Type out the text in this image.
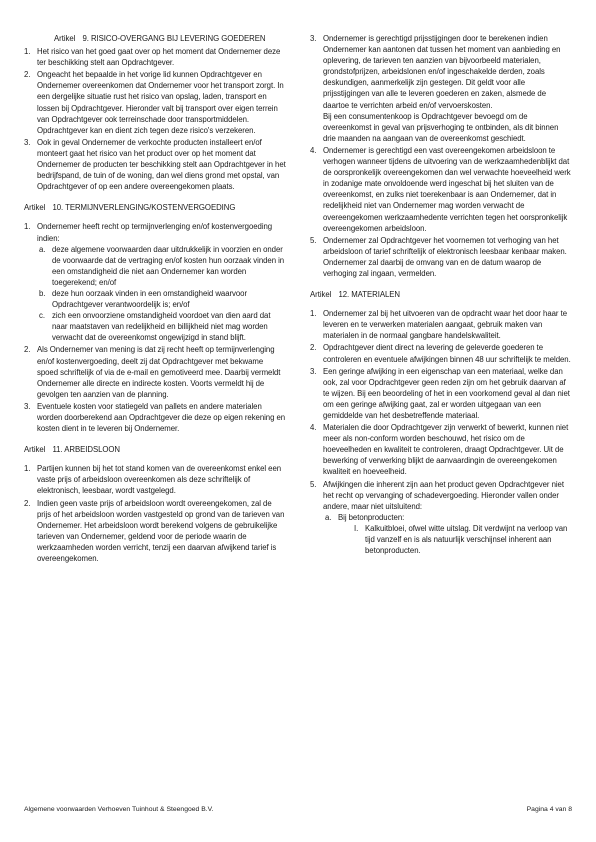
Artikel 9. RISICO-OVERGANG BIJ LEVERING GOEDEREN
1. Het risico van het goed gaat over op het moment dat Ondernemer deze ter beschikking stelt aan Opdrachtgever.
2. Ongeacht het bepaalde in het vorige lid kunnen Opdrachtgever en Ondernemer overeenkomen dat Ondernemer voor het transport zorgt. In een dergelijke situatie rust het risico van opslag, laden, transport en lossen bij Opdrachtgever. Hieronder valt bij transport over eigen terrein van Opdrachtgever ook terreinschade door transportmiddelen. Opdrachtgever kan en dient zich tegen deze risico's verzekeren.
3. Ook in geval Ondernemer de verkochte producten installeert en/of monteert gaat het risico van het product over op het moment dat Ondernemer de producten ter beschikking stelt aan Opdrachtgever in het bedrijfspand, de tuin of de woning, dan wel diens grond met opstal, van Opdrachtgever of op een andere overeengekomen plaats.
Artikel 10. TERMIJNVERLENGING/KOSTENVERGOEDING
1. Ondernemer heeft recht op termijnverlenging en/of kostenvergoeding indien:
a. deze algemene voorwaarden daar uitdrukkelijk in voorzien en onder de voorwaarde dat de vertraging en/of kosten hun oorzaak vinden in een omstandigheid die niet aan Ondernemer kan worden toegerekend; en/of
b. deze hun oorzaak vinden in een omstandigheid waarvoor Opdrachtgever verantwoordelijk is; en/of
c. zich een onvoorziene omstandigheid voordoet van dien aard dat naar maatstaven van redelijkheid en billijkheid niet mag worden verwacht dat de overeenkomst ongewijzigd in stand blijft.
2. Als Ondernemer van mening is dat zij recht heeft op termijnverlenging en/of kostenvergoeding, deelt zij dat Opdrachtgever met bekwame spoed schriftelijk of via de e-mail en gemotiveerd mee. Daarbij vermeldt Ondernemer alle directe en indirecte kosten. Voorts vermeldt hij de gevolgen ten aanzien van de planning.
3. Eventuele kosten voor statiegeld van pallets en andere materialen worden doorberekend aan Opdrachtgever die deze op eigen rekening en kosten dient in te leveren bij Ondernemer.
Artikel 11. ARBEIDSLOON
1. Partijen kunnen bij het tot stand komen van de overeenkomst enkel een vaste prijs of arbeidsloon overeenkomen als deze schriftelijk of elektronisch, leesbaar, wordt vastgelegd.
2. Indien geen vaste prijs of arbeidsloon wordt overeengekomen, zal de prijs of het arbeidsloon worden vastgesteld op grond van de tarieven van Ondernemer. Het arbeidsloon wordt berekend volgens de gebruikelijke tarieven van Ondernemer, geldend voor de periode waarin de werkzaamheden worden verricht, tenzij een daarvan afwijkend tarief is overeengekomen.
3. Ondernemer is gerechtigd prijsstijgingen door te berekenen indien Ondernemer kan aantonen dat tussen het moment van aanbieding en oplevering, de tarieven ten aanzien van bijvoorbeeld materialen, grondstofprijzen, arbeidslonen en/of ingeschakelde derden, zoals deskundigen, aanmerkelijk zijn gestegen. Dit geldt voor alle prijsstijgingen van alle te leveren goederen en zaken, alsmede de daartoe te verrichten arbeid en/of vervoerskosten.
Bij een consumentenkoop is Opdrachtgever bevoegd om de overeenkomst in geval van prijsverhoging te ontbinden, als dit binnen drie maanden na aangaan van de overeenkomst geschiedt.
4. Ondernemer is gerechtigd een vast overeengekomen arbeidsloon te verhogen wanneer tijdens de uitvoering van de werkzaamhedenblijkt dat de oorspronkelijk overeengekomen dan wel verwachte hoeveelheid werk in zodanige mate onvoldoende werd ingeschat bij het sluiten van de overeenkomst, en zulks niet toerekenbaar is aan Ondernemer, dat in redelijkheid niet van Ondernemer mag worden verwacht de overeengekomen werkzaamhedente verrichten tegen het oorspronkelijk overeengekomen arbeidsloon.
5. Ondernemer zal Opdrachtgever het voornemen tot verhoging van het arbeidsloon of tarief schriftelijk of elektronisch leesbaar kenbaar maken. Ondernemer zal daarbij de omvang van en de datum waarop de verhoging zal ingaan, vermelden.
Artikel 12. MATERIALEN
1. Ondernemer zal bij het uitvoeren van de opdracht waar het door haar te leveren en te verwerken materialen aangaat, gebruik maken van materialen in de normaal gangbare handelskwaliteit.
2. Opdrachtgever dient direct na levering de geleverde goederen te controleren en eventuele afwijkingen binnen 48 uur schriftelijk te melden.
3. Een geringe afwijking in een eigenschap van een materiaal, welke dan ook, zal voor Opdrachtgever geen reden zijn om het gebruik daarvan af te wijzen. Bij een beoordeling of het in een voorkomend geval al dan niet om een geringe afwijking gaat, zal er worden uitgegaan van een gemiddelde van het desbetreffende materiaal.
4. Materialen die door Opdrachtgever zijn verwerkt of bewerkt, kunnen niet meer als non-conform worden beschouwd, het risico om de hoeveelheden en kwaliteit te controleren, draagt Opdrachtgever. Uit de bewerking of verwerking blijkt de aanvaardingin de overeengekomen kwaliteit en hoeveelheid.
5. Afwijkingen die inherent zijn aan het product geven Opdrachtgever niet het recht op vervanging of schadevergoeding. Hieronder vallen onder andere, maar niet uitsluitend:
a. Bij betonproducten:
I. Kalkuitbloei, ofwel witte uitslag. Dit verdwijnt na verloop van tijd vanzelf en is als natuurlijk verschijnsel inherent aan betonproducten.
Algemene voorwaarden Verhoeven Tuinhout & Steengoed B.V.	Pagina 4 van 8
